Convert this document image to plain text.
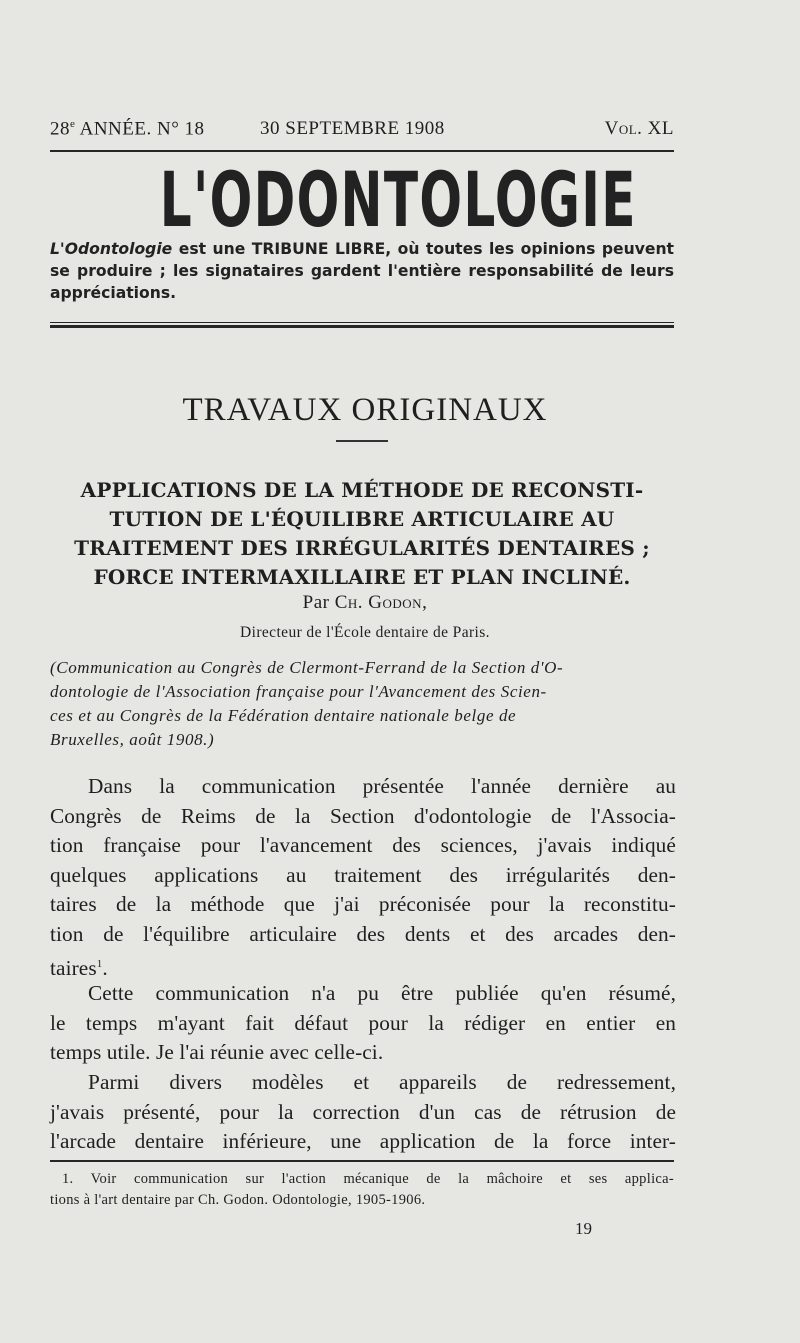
28e ANNÉE. N° 18	30 SEPTEMBRE 1908	Vol. XL
L'ODONTOLOGIE
L'Odontologie est une TRIBUNE LIBRE, où toutes les opinions peuvent se produire ; les signataires gardent l'entière responsabilité de leurs appréciations.
TRAVAUX ORIGINAUX
APPLICATIONS DE LA MÉTHODE DE RECONSTI-
TUTION DE L'ÉQUILIBRE ARTICULAIRE AU
TRAITEMENT DES IRRÉGULARITÉS DENTAIRES ;
FORCE INTERMAXILLAIRE ET PLAN INCLINÉ.
Par Ch. Godon,
Directeur de l'École dentaire de Paris.
(Communication au Congrès de Clermont-Ferrand de la Section d'O-
dontologie de l'Association française pour l'Avancement des Scien-
ces et au Congrès de la Fédération dentaire nationale belge de
Bruxelles, août 1908.)
Dans la communication présentée l'année dernière au
Congrès de Reims de la Section d'odontologie de l'Associa-
tion française pour l'avancement des sciences, j'avais indiqué
quelques applications au traitement des irrégularités den-
taires de la méthode que j'ai préconisée pour la reconstitu-
tion de l'équilibre articulaire des dents et des arcades den-
taires$^1$.
Cette communication n'a pu être publiée qu'en résumé,
le temps m'ayant fait défaut pour la rédiger en entier en
temps utile. Je l'ai réunie avec celle-ci.
Parmi divers modèles et appareils de redressement,
j'avais présenté, pour la correction d'un cas de rétrusion de
l'arcade dentaire inférieure, une application de la force inter-
1. Voir communication sur l'action mécanique de la mâchoire et ses applica-
tions à l'art dentaire par Ch. Godon. Odontologie, 1905-1906.
19
